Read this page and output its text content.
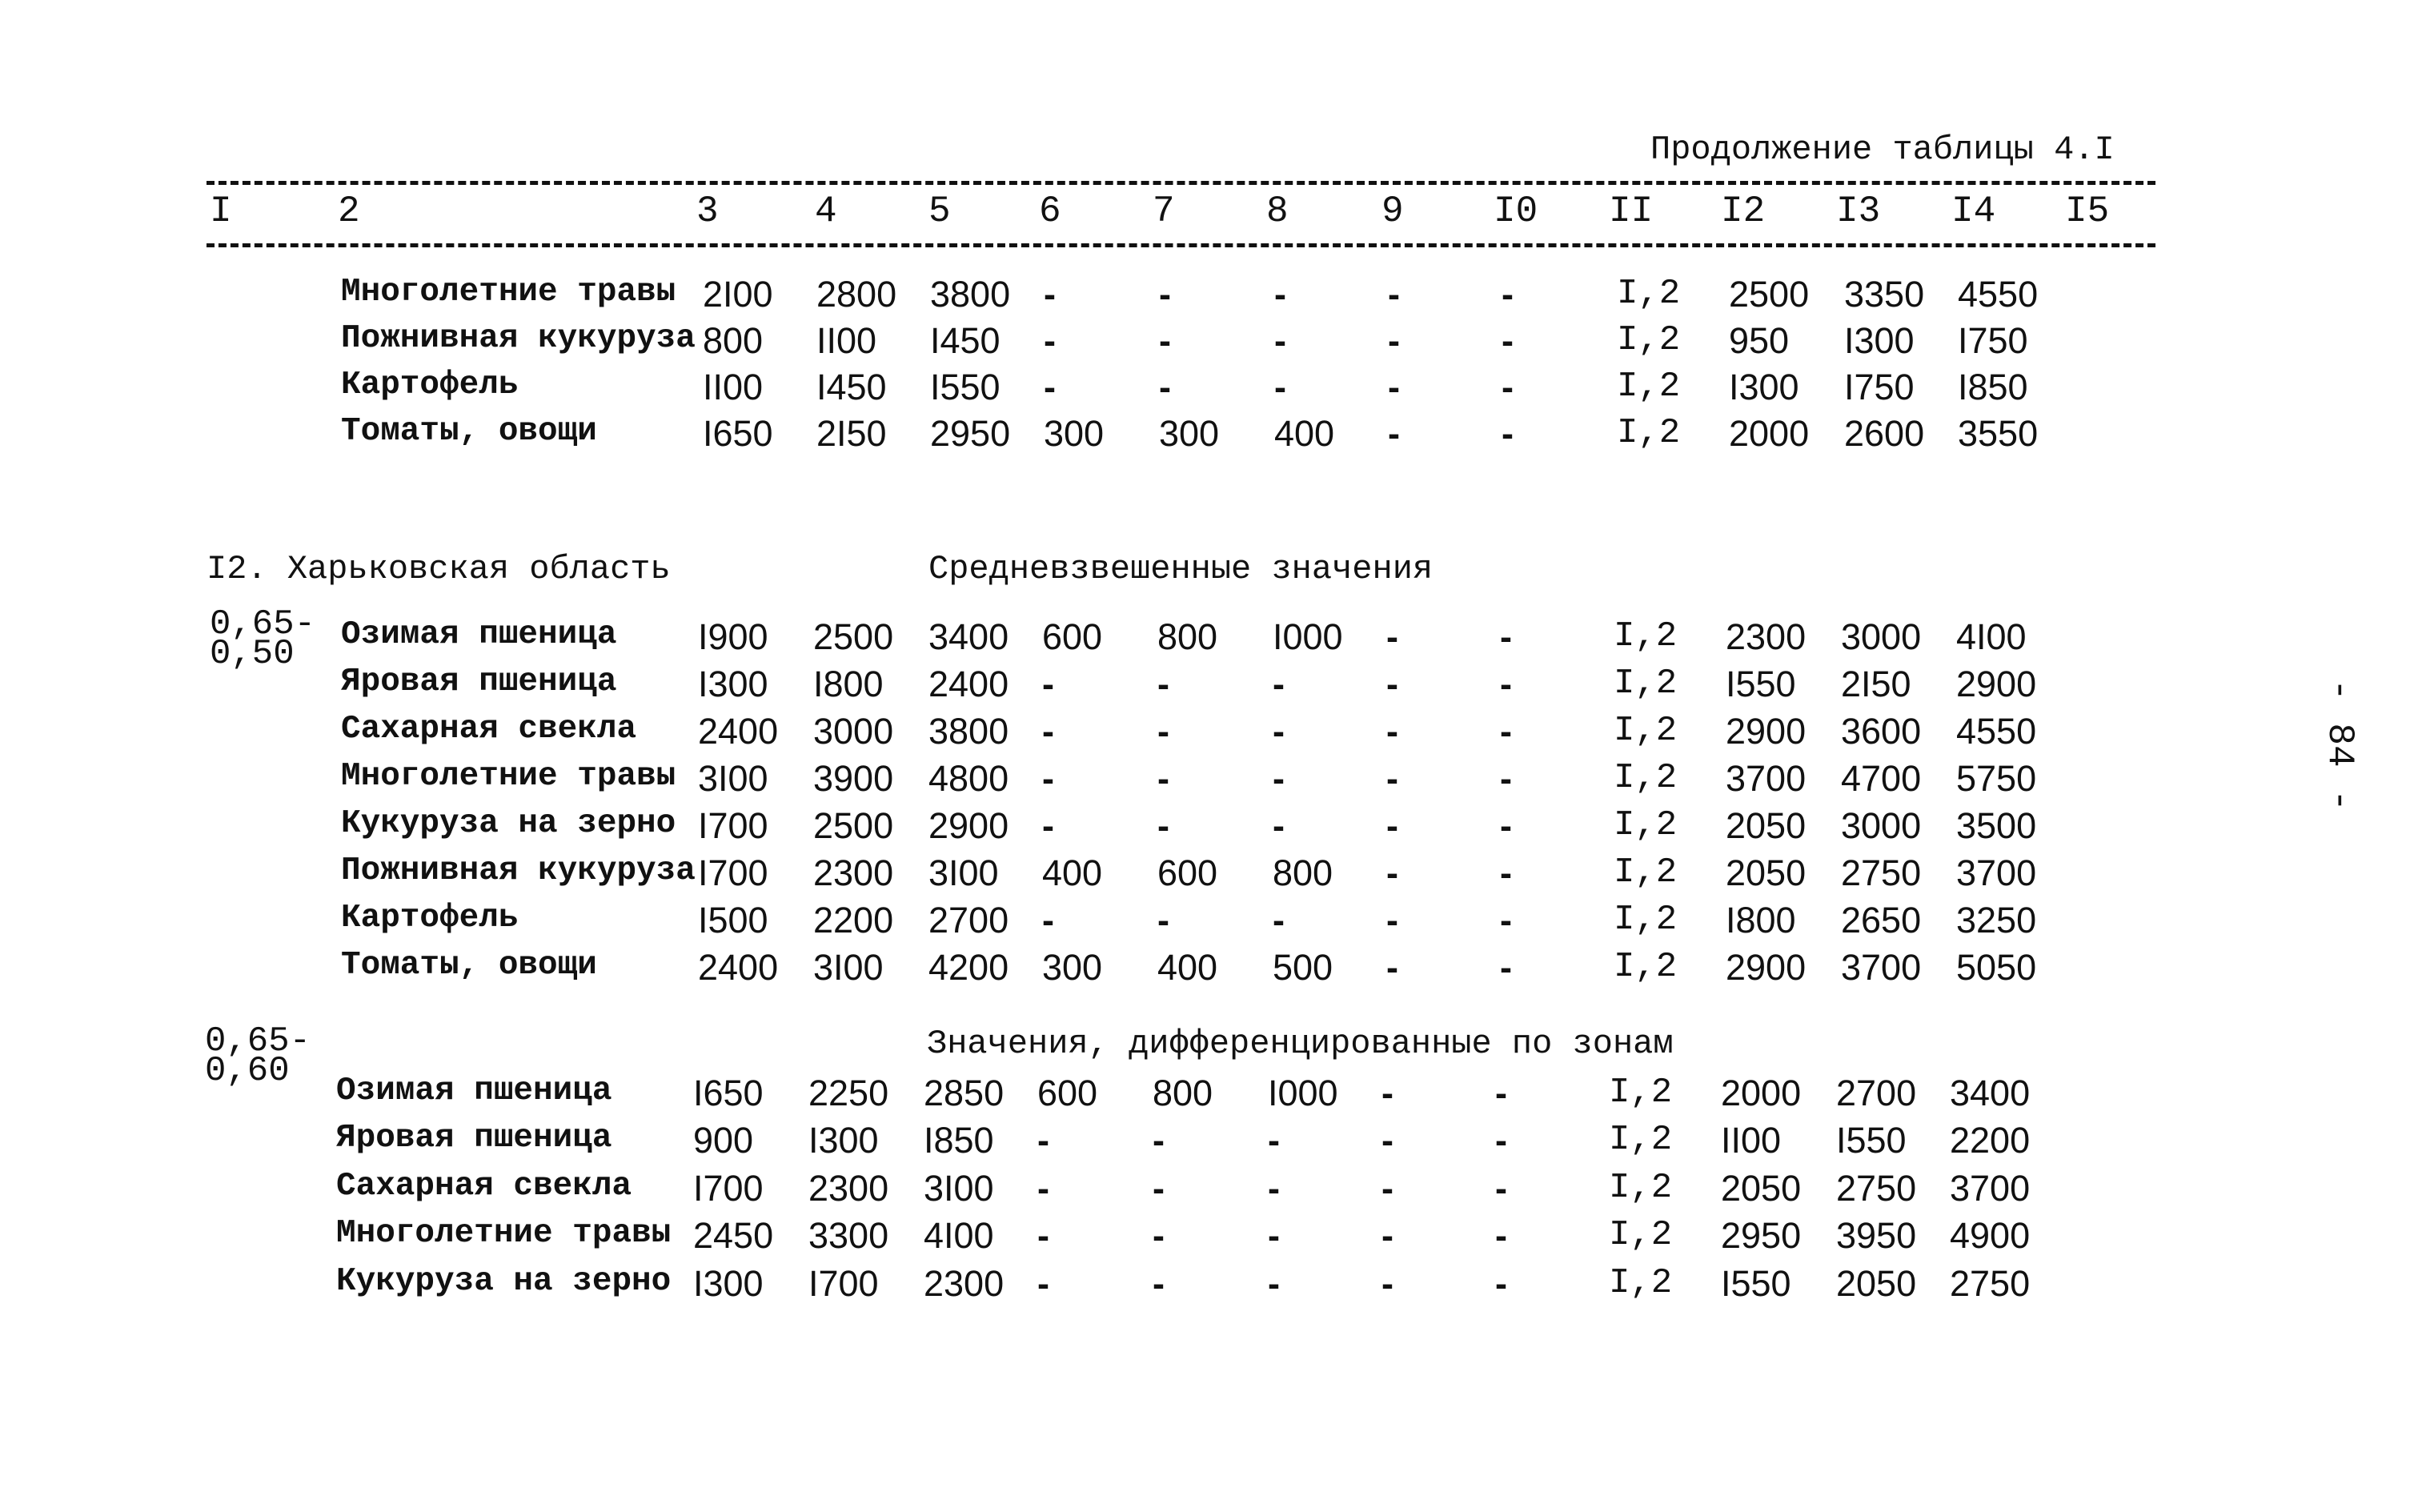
Продолжение таблицы 4.I
I	2	3	4 5 6 7 8	9 I0 II I2 I3 I4 I5
Многолетние травы 2I00 2800 3800 -	-	-	-	-	I,2 2500 3350 4550
Пожнивная кукуруза 800 II00 I450 -	-	-	-	-	I,2 950 I300 I750
Картофель	II00 I450 I550 -	-	-	-	-	I,2 I300 I750 I850
Томаты, овощи	I650 2I50 2950 300 300 400 -	-	I,2 2000 2600 3550
I2. Харьковская область	Средневзвешенные значения
0,65-
0,50	Озимая пшеница I900 2500 3400 600 800 I000 -	-	I,2 2300 3000 4I00
Яровая пшеница I300 I800 2400 -	-	-	-	-	I,2 I550 2I50 2900
Сахарная свекла 2400 3000 3800 -	-	-	-	-	I,2 2900 3600 4550
Многолетние травы 3I00 3900 4800 -	-	-	-	-	I,2 3700 4700 5750
Кукуруза на зерно I700 2500 2900 -	-	-	-	-	I,2 2050 3000 3500
Пожнивная кукуруза I700 2300 3I00 400 600 800 -	-	I,2 2050 2750 3700
Картофель	I500 2200 2700 -	-	-	-	-	I,2 I800 2650 3250
Томаты, овощи	2400 3I00 4200 300 400 500 -	-	I,2 2900 3700 5050
0,65-
0,60
Значения, дифференцированные по зонам
Озимая пшеница I650 2250 2850 600 800 I000 -	-	I,2 2000 2700 3400
Яровая пшеница 900 I300 I850 -	-	-	-	-	I,2 II00 I550 2200
Сахарная свекла I700 2300 3I00 -	-	-	-	-	I,2 2050 2750 3700
Многолетние травы 2450 3300 4I00 -	-	-	-	-	I,2 2950 3950 4900
Кукуруза на зерно I300 I700 2300 -	-	-	-	-	I,2 I550 2050 2750
- 84 -
